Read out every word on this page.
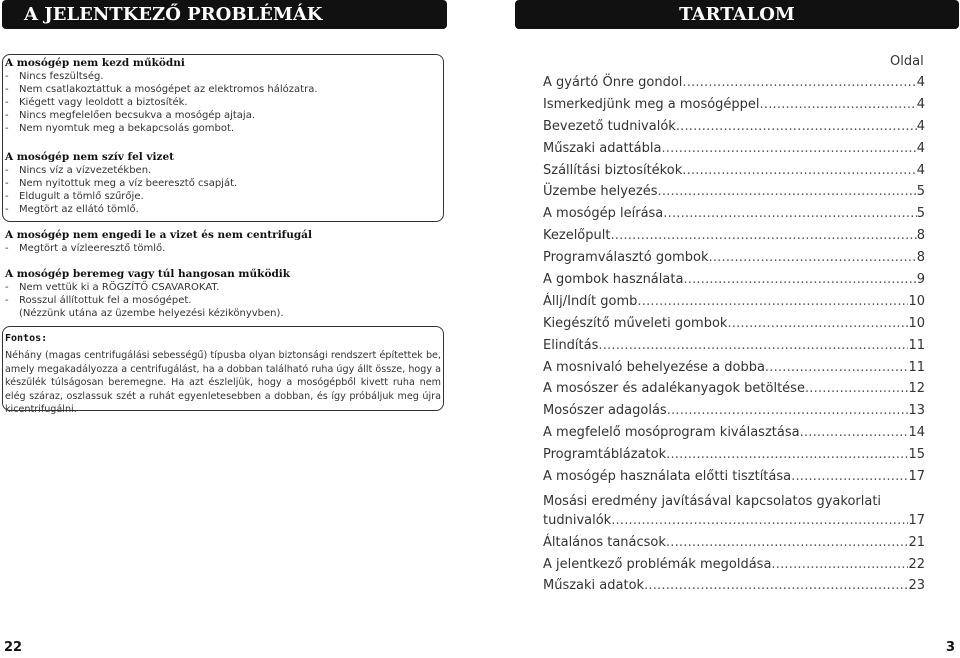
A JELENTKEZŐ PROBLÉMÁK MEGOLDÁSA
TARTALOM

A mosógép nem kezd működni

- Nincs feszültség.

- Nem csatlakoztattuk a mosógépet az elektromos hálózatra.

- Kiégett vagy leoldott a biztosíték.

- Nincs megfelelően becsukva a mosógép ajtaja.

- Nem nyomtuk meg a bekapcsolás gombot.

A mosógép nem szív fel vizet

- Nincs víz a vízvezetékben.

- Nem nyitottuk meg a víz beeresztő csapját.

- Eldugult a tömlő szűrője.

- Megtört az ellátó tömlő.

A mosógép nem engedi le a vizet és nem centrifugál

- Megtört a vízleeresztő tömlő.

A mosógép beremeg vagy túl hangosan működik

- Nem vettük ki a RÖGZÍTŐ CSAVAROKAT.

- Rosszul állítottuk fel a mosógépet.

(Nézzünk utána az üzembe helyezési kézikönyvben).

Fontos:
Néhány (magas centrifugálási sebességű) típusba olyan biztonsági rendszert építettek be, amely megakadályozza a centrifugálást, ha a dobban található ruha úgy állt össze, hogy a készülék túlságosan beremegne. Ha azt észleljük, hogy a mosógépből kivett ruha nem elég száraz, oszlassuk szét a ruhát egyenletesebben a dobban, és így próbáljuk meg újra kicentrifugálni.
Oldal
A gyártó Önre gondol .....	4
Ismerkedjünk meg a mosógéppel .....	4
Bevezető tudnivalók .....	4
Műszaki adattábla .....	4
Szállítási biztosítékok .....	4
Üzembe helyezés .....	5
A mosógép leírása .....	5
Kezelőpult .....	8
Programválasztó gombok .....	8
A gombok használata .....	9
Állj/Indít gomb .....	10
Kiegészítő műveleti gombok .....	10
Elindítás .....	11
A mosnivaló behelyezése a dobba .....	11
A mosószer és adalékanyagok betöltése .....	12
Mosószer adagolás .....	13
A megfelelő mosóprogram kiválasztása .....	14
Programtáblázatok .....	15
A mosógép használata előtti tisztítása .....	17
Mosási eredmény javításával kapcsolatos gyakorlati
tudnivalók .....	17
Általános tanácsok .....	21
A jelentkező problémák megoldása .....	22
Műszaki adatok .....	23
22	3
